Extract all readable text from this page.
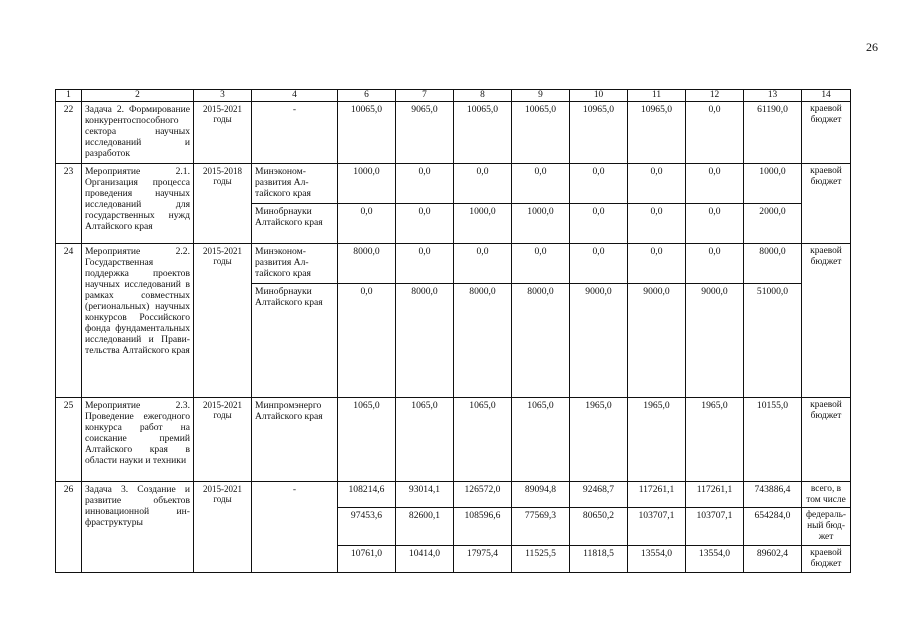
26
1	2	3	4	6	7	8	9	10	11	12	13	14
22	Задача 2. Формирование конкурентоспособного сектора научных исследований и разработок	2015-2021 годы	-	10065,0	9065,0	10065,0	10065,0	10965,0	10965,0	0,0	61190,0	краевой бюджет
23	Мероприятие 2.1. Организация процесса проведения научных исследований для государственных нужд Алтайского края	2015-2018 годы	Минэкономразвития Алтайского края	1000,0	0,0	0,0	0,0	0,0	0,0	0,0	1000,0	краевой бюджет
			Минобрнауки Алтайского края	0,0	0,0	1000,0	1000,0	0,0	0,0	0,0	2000,0	
24	Мероприятие 2.2. Государственная поддержка проектов научных исследований в рамках совместных (региональных) научных конкурсов Российского фонда фундаментальных исследований и Правительства Алтайского края	2015-2021 годы	Минэкономразвития Алтайского края	8000,0	0,0	0,0	0,0	0,0	0,0	0,0	8000,0	краевой бюджет
			Минобрнауки Алтайского края	0,0	8000,0	8000,0	8000,0	9000,0	9000,0	9000,0	51000,0	
25	Мероприятие 2.3. Проведение ежегодного конкурса работ на соискание премий Алтайского края в области науки и техники	2015-2021 годы	Минпромэнерго Алтайского края	1065,0	1065,0	1065,0	1065,0	1965,0	1965,0	1965,0	10155,0	краевой бюджет
26	Задача 3. Создание и развитие объектов инновационной инфраструктуры	2015-2021 годы	-	108214,6	93014,1	126572,0	89094,8	92468,7	117261,1	117261,1	743886,4	всего, в том числе
				97453,6	82600,1	108596,6	77569,3	80650,2	103707,1	103707,1	654284,0	федеральный бюджет
				10761,0	10414,0	17975,4	11525,5	11818,5	13554,0	13554,0	89602,4	краевой бюджет
